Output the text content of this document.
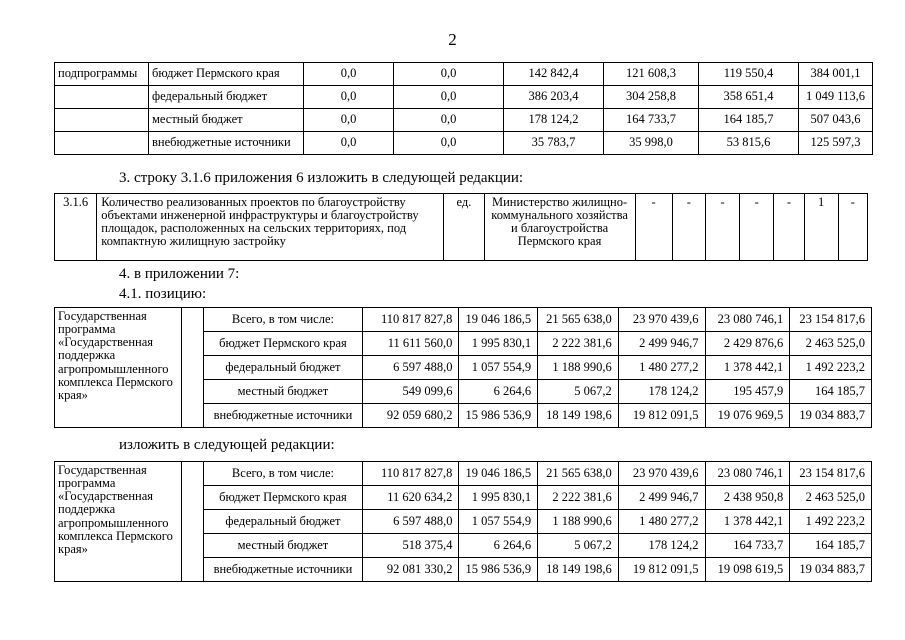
2
подпрограммы	бюджет Пермского края	0,0	0,0	142 842,4	121 608,3	119 550,4	384 001,1
	федеральный бюджет	0,0	0,0	386 203,4	304 258,8	358 651,4	1 049 113,6
	местный бюджет	0,0	0,0	178 124,2	164 733,7	164 185,7	507 043,6
	внебюджетные источники	0,0	0,0	35 783,7	35 998,0	53 815,6	125 597,3
3. строку 3.1.6 приложения 6 изложить в следующей редакции:
3.1.6	Количество реализованных проектов по благоустройству объектами инженерной инфраструктуры и благоустройству площадок, расположенных на сельских территориях, под компактную жилищную застройку	ед.	Министерство жилищно-коммунального хозяйства и благоустройства Пермского края	-	-	-	-	-	1	-
4. в приложении 7:
4.1. позицию:
Государственная программа «Государственная поддержка агропромышленного комплекса Пермского края»		Всего, в том числе:	110 817 827,8	19 046 186,5	21 565 638,0	23 970 439,6	23 080 746,1	23 154 817,6
		бюджет Пермского края	11 611 560,0	1 995 830,1	2 222 381,6	2 499 946,7	2 429 876,6	2 463 525,0
		федеральный бюджет	6 597 488,0	1 057 554,9	1 188 990,6	1 480 277,2	1 378 442,1	1 492 223,2
		местный бюджет	549 099,6	6 264,6	5 067,2	178 124,2	195 457,9	164 185,7
		внебюджетные источники	92 059 680,2	15 986 536,9	18 149 198,6	19 812 091,5	19 076 969,5	19 034 883,7
изложить в следующей редакции:
Государственная программа «Государственная поддержка агропромышленного комплекса Пермского края»		Всего, в том числе:	110 817 827,8	19 046 186,5	21 565 638,0	23 970 439,6	23 080 746,1	23 154 817,6
		бюджет Пермского края	11 620 634,2	1 995 830,1	2 222 381,6	2 499 946,7	2 438 950,8	2 463 525,0
		федеральный бюджет	6 597 488,0	1 057 554,9	1 188 990,6	1 480 277,2	1 378 442,1	1 492 223,2
		местный бюджет	518 375,4	6 264,6	5 067,2	178 124,2	164 733,7	164 185,7
		внебюджетные источники	92 081 330,2	15 986 536,9	18 149 198,6	19 812 091,5	19 098 619,5	19 034 883,7
